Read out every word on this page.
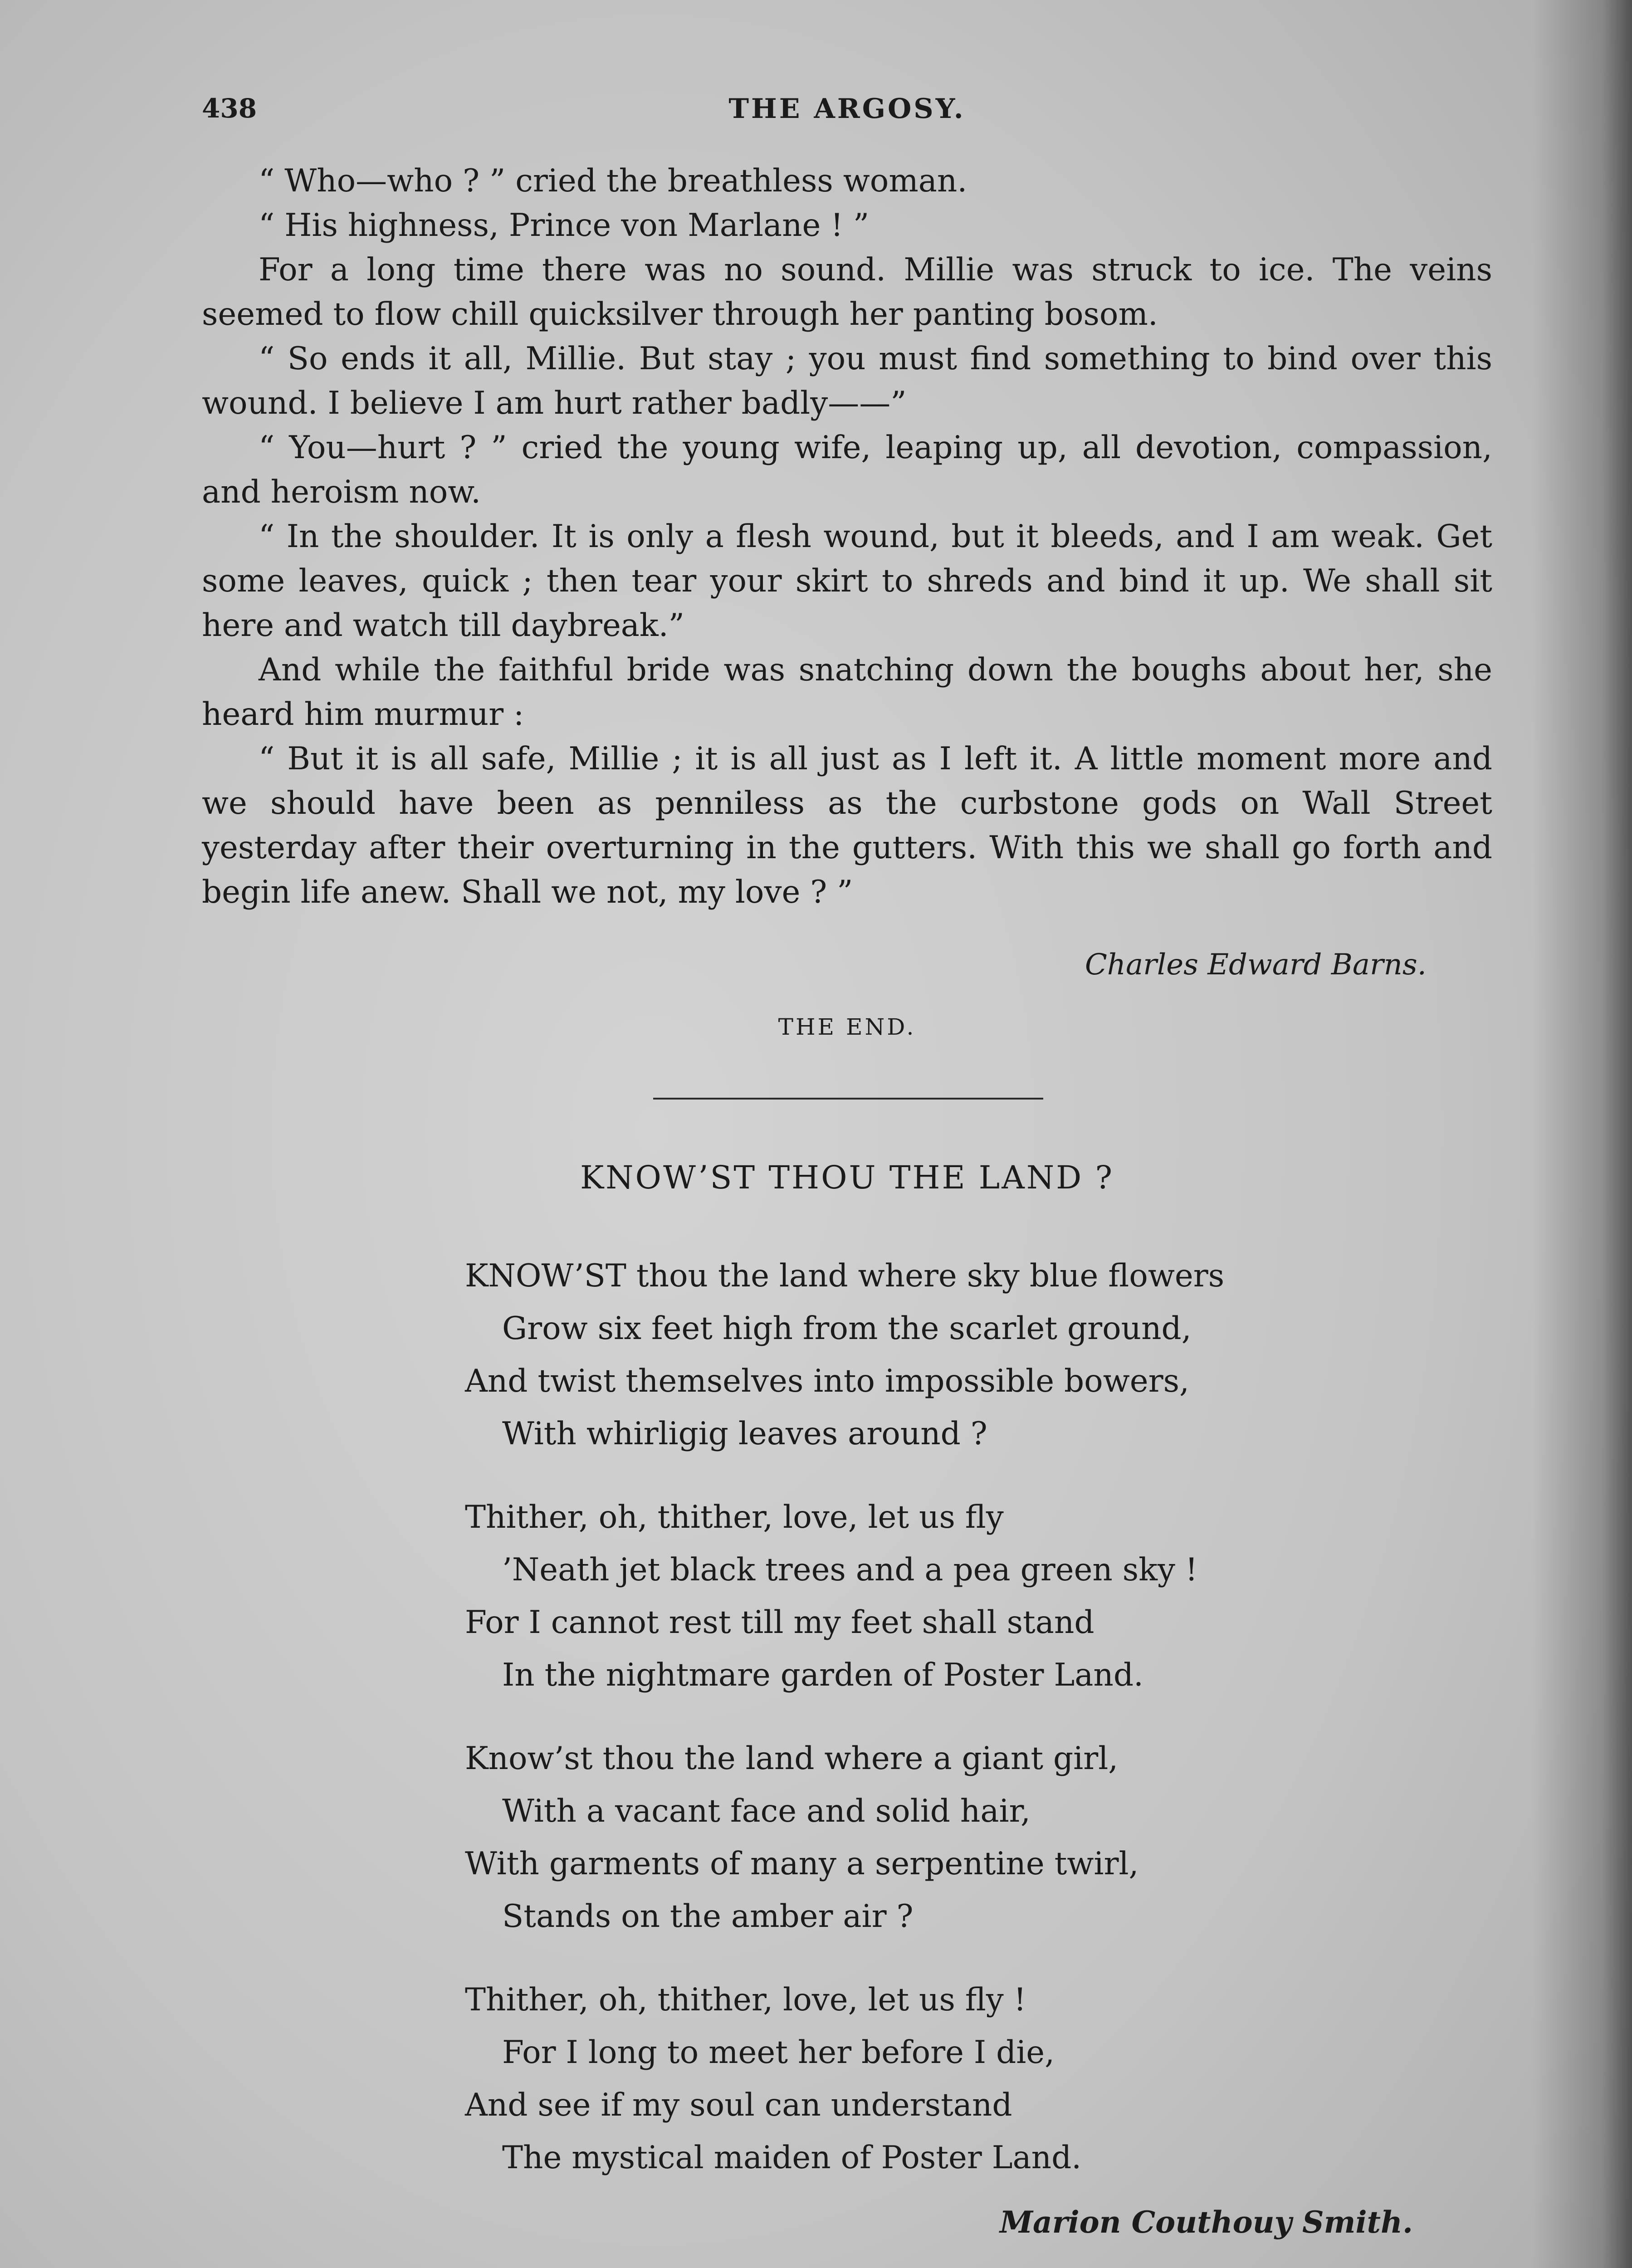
438	THE ARGOSY.

“ Who—who ? ” cried the breathless woman.

“ His highness, Prince von Marlane ! ”

For a long time there was no sound. Millie was struck to ice. The veins seemed to flow chill quicksilver through her panting bosom.

“ So ends it all, Millie. But stay ; you must find something to bind over this wound. I believe I am hurt rather badly——”

“ You—hurt ? ” cried the young wife, leaping up, all devotion, compassion, and heroism now.

“ In the shoulder. It is only a flesh wound, but it bleeds, and I am weak. Get some leaves, quick ; then tear your skirt to shreds and bind it up. We shall sit here and watch till daybreak.”

And while the faithful bride was snatching down the boughs about her, she heard him murmur :

“ But it is all safe, Millie ; it is all just as I left it. A little moment more and we should have been as penniless as the curbstone gods on Wall Street yesterday after their overturning in the gutters. With this we shall go forth and begin life anew. Shall we not, my love ? ”

Charles Edward Barns.
THE END.
KNOW’ST THOU THE LAND ?
KNOW’ST thou the land where sky blue flowers
Grow six feet high from the scarlet ground,
And twist themselves into impossible bowers,
With whirligig leaves around ?
Thither, oh, thither, love, let us fly
’Neath jet black trees and a pea green sky !
For I cannot rest till my feet shall stand
In the nightmare garden of Poster Land.
Know’st thou the land where a giant girl,
With a vacant face and solid hair,
With garments of many a serpentine twirl,
Stands on the amber air ?
Thither, oh, thither, love, let us fly !
For I long to meet her before I die,
And see if my soul can understand
The mystical maiden of Poster Land.
Marion Couthouy Smith.
